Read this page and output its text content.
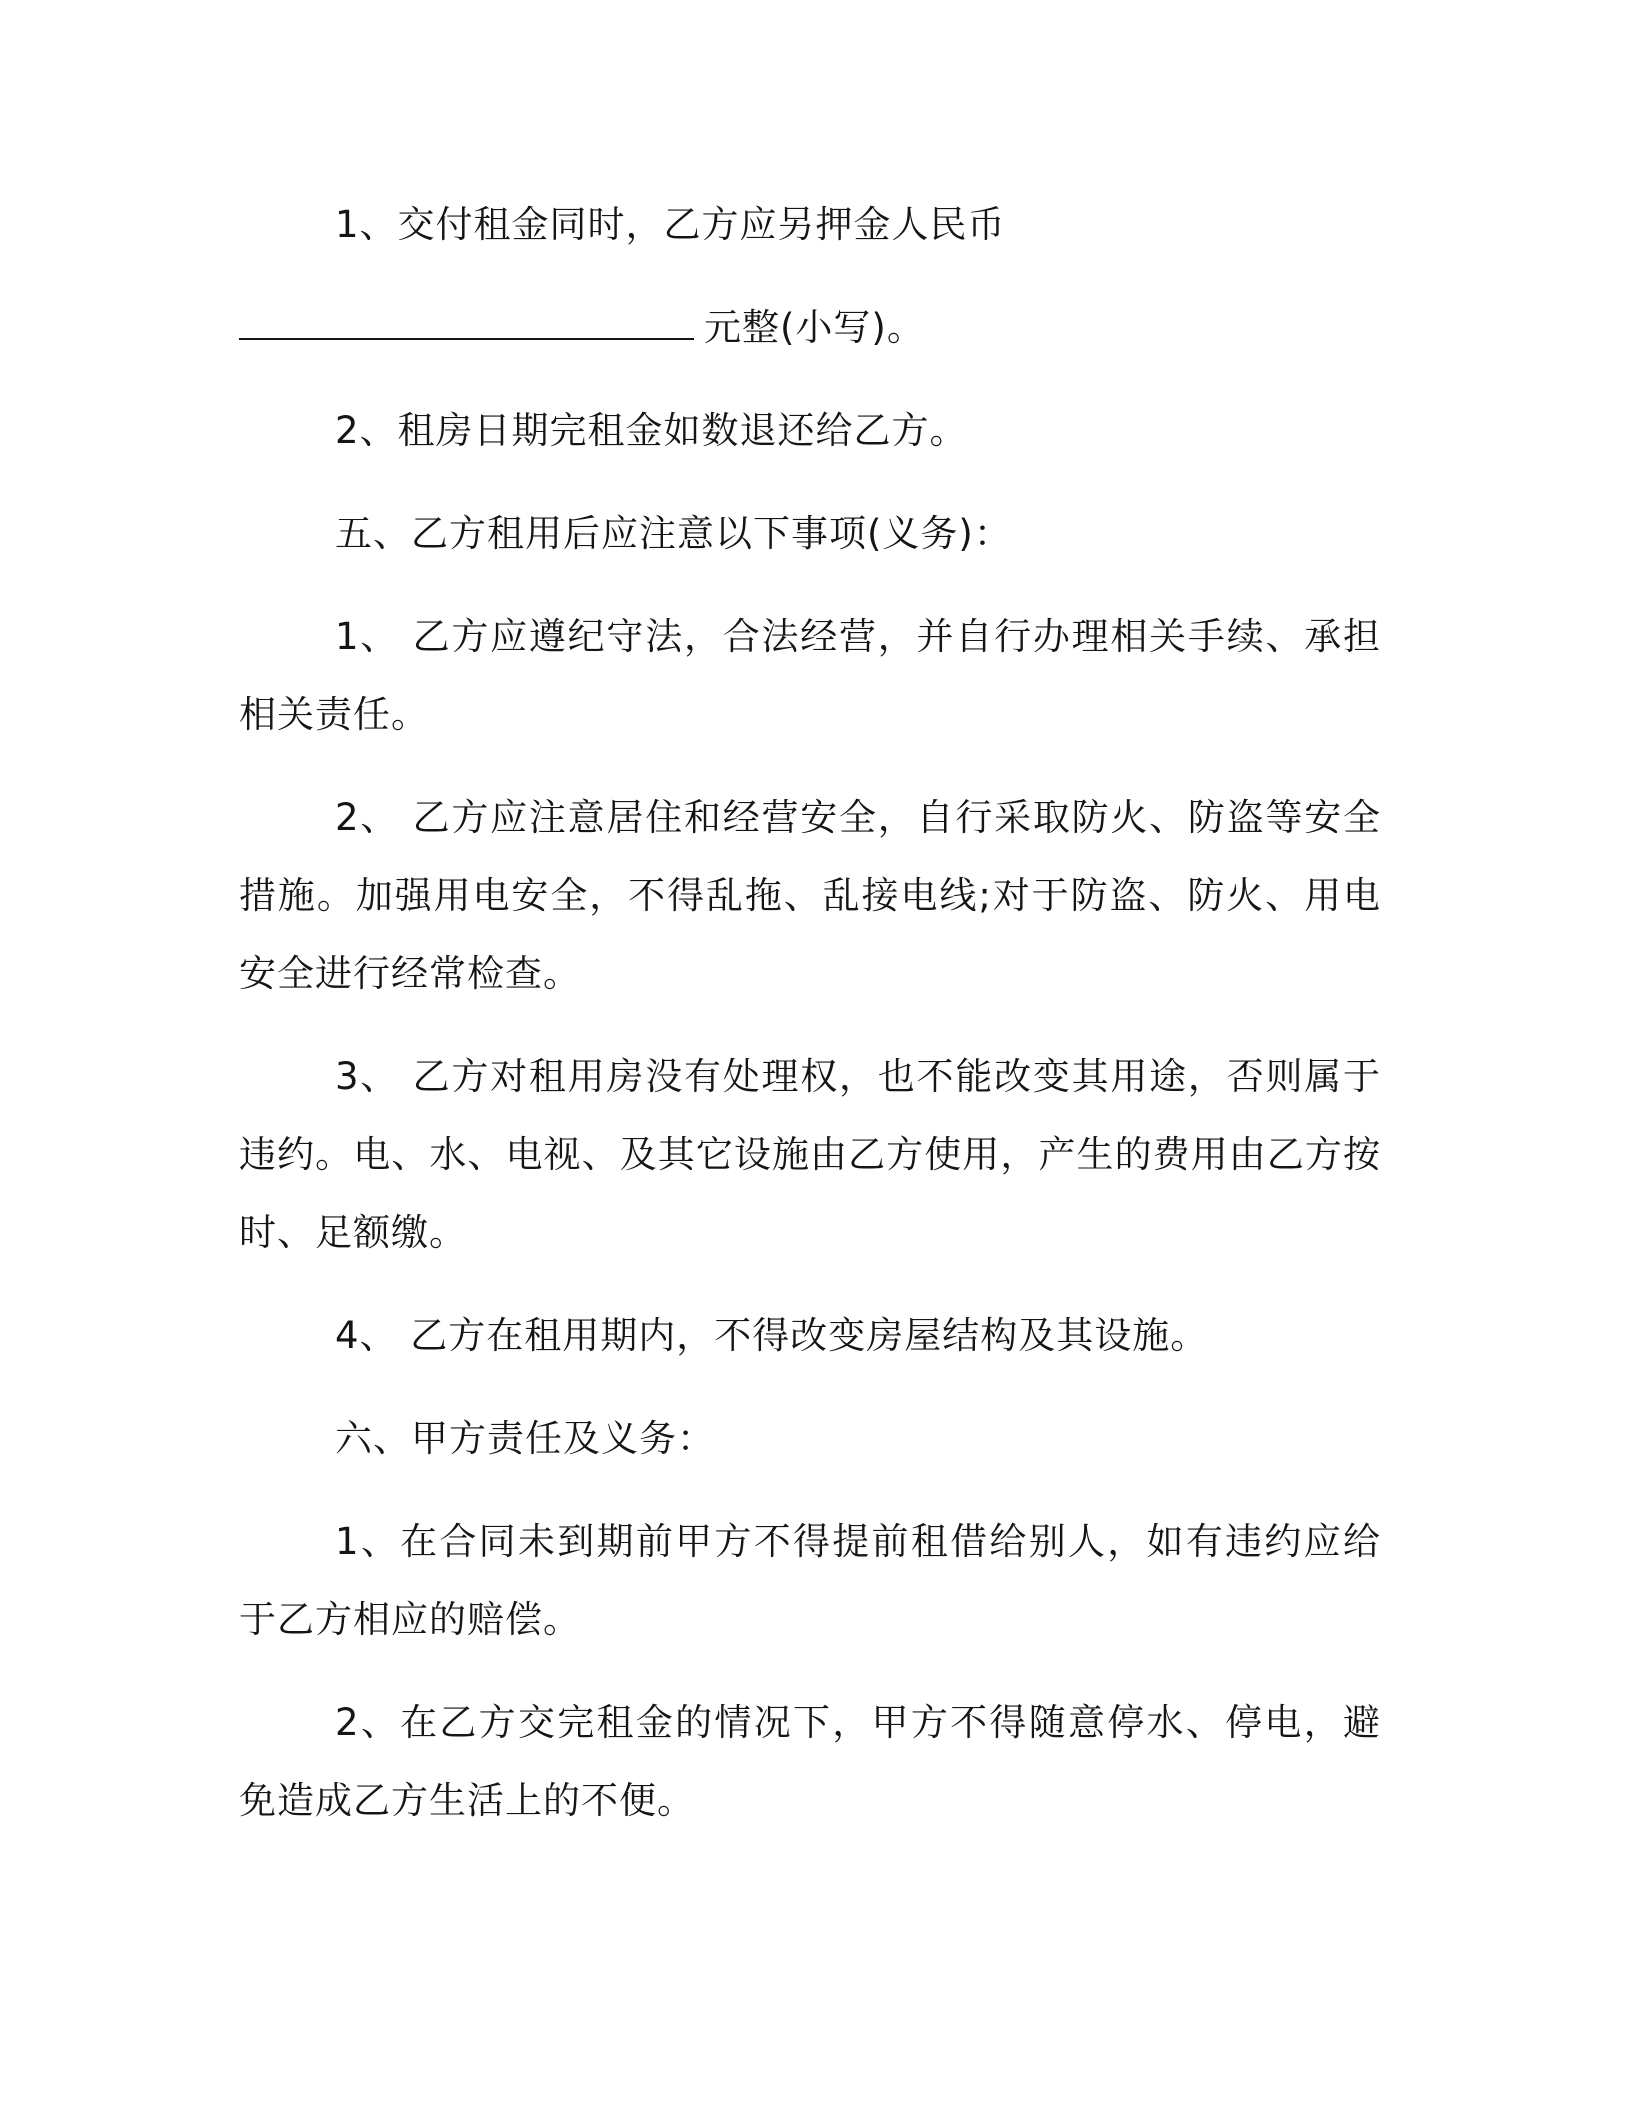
1、交付租金同时，乙方应另押金人民币

元整(小写)。

2、租房日期完租金如数退还给乙方。

五、乙方租用后应注意以下事项(义务)：

1、 乙方应遵纪守法，合法经营，并自行办理相关手续、承担相关责任。

2、 乙方应注意居住和经营安全，自行采取防火、防盗等安全措施。加强用电安全，不得乱拖、乱接电线;对于防盗、防火、用电安全进行经常检查。

3、 乙方对租用房没有处理权，也不能改变其用途，否则属于违约。电、水、电视、及其它设施由乙方使用，产生的费用由乙方按时、足额缴。

4、 乙方在租用期内，不得改变房屋结构及其设施。

六、甲方责任及义务：

1、在合同未到期前甲方不得提前租借给别人，如有违约应给于乙方相应的赔偿。

2、在乙方交完租金的情况下，甲方不得随意停水、停电，避免造成乙方生活上的不便。
